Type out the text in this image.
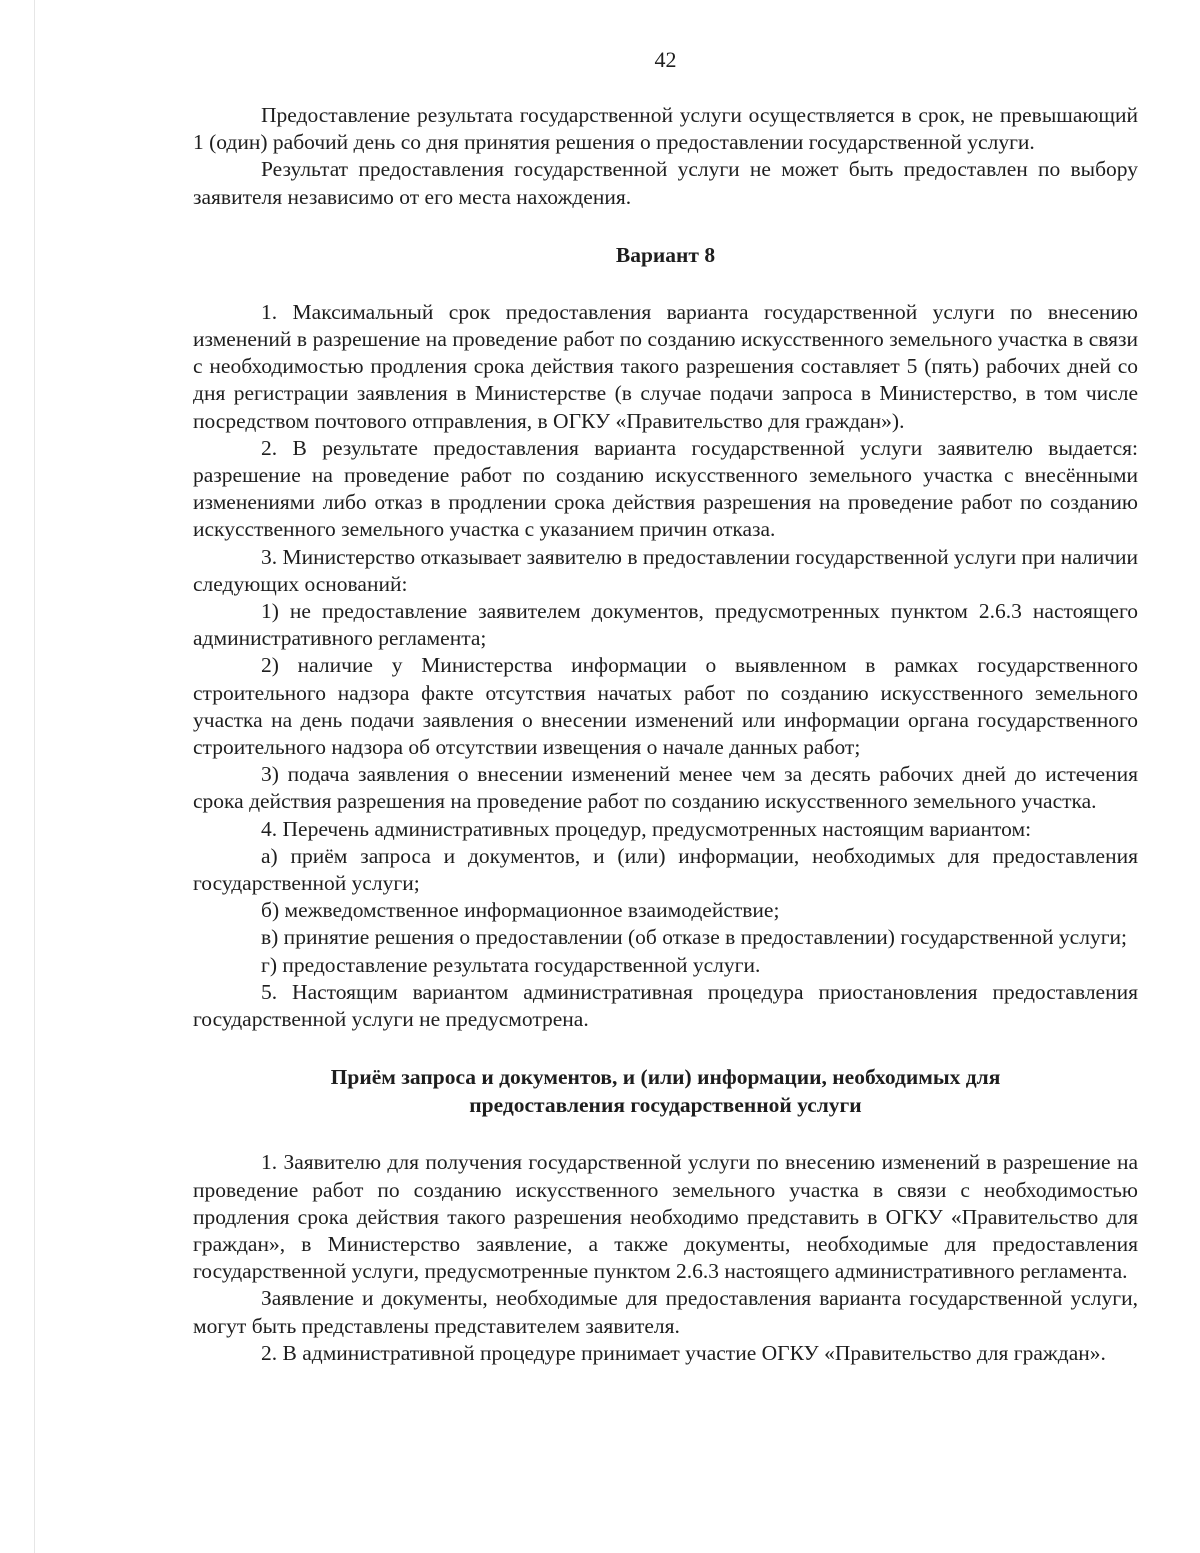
42

Предоставление результата государственной услуги осуществляется в срок, не превышающий 1 (один) рабочий день со дня принятия решения о предоставлении государственной услуги.

Результат предоставления государственной услуги не может быть предоставлен по выбору заявителя независимо от его места нахождения.

Вариант 8

1. Максимальный срок предоставления варианта государственной услуги по внесению изменений в разрешение на проведение работ по созданию искусственного земельного участка в связи с необходимостью продления срока действия такого разрешения составляет 5 (пять) рабочих дней со дня регистрации заявления в Министерстве (в случае подачи запроса в Министерство, в том числе посредством почтового отправления, в ОГКУ «Правительство для граждан»).

2. В результате предоставления варианта государственной услуги заявителю выдается: разрешение на проведение работ по созданию искусственного земельного участка с внесёнными изменениями либо отказ в продлении срока действия разрешения на проведение работ по созданию искусственного земельного участка с указанием причин отказа.

3. Министерство отказывает заявителю в предоставлении государственной услуги при наличии следующих оснований:

1) не предоставление заявителем документов, предусмотренных пунктом 2.6.3 настоящего административного регламента;

2) наличие у Министерства информации о выявленном в рамках государственного строительного надзора факте отсутствия начатых работ по созданию искусственного земельного участка на день подачи заявления о внесении изменений или информации органа государственного строительного надзора об отсутствии извещения о начале данных работ;

3) подача заявления о внесении изменений менее чем за десять рабочих дней до истечения срока действия разрешения на проведение работ по созданию искусственного земельного участка.

4. Перечень административных процедур, предусмотренных настоящим вариантом:

а) приём запроса и документов, и (или) информации, необходимых для предоставления государственной услуги;

б) межведомственное информационное взаимодействие;

в) принятие решения о предоставлении (об отказе в предоставлении) государственной услуги;

г) предоставление результата государственной услуги.

5. Настоящим вариантом административная процедура приостановления предоставления государственной услуги не предусмотрена.

Приём запроса и документов, и (или) информации, необходимых для
предоставления государственной услуги

1. Заявителю для получения государственной услуги по внесению изменений в разрешение на проведение работ по созданию искусственного земельного участка в связи с необходимостью продления срока действия такого разрешения необходимо представить в ОГКУ «Правительство для граждан», в Министерство заявление, а также документы, необходимые для предоставления государственной услуги, предусмотренные пунктом 2.6.3 настоящего административного регламента.

Заявление и документы, необходимые для предоставления варианта государственной услуги, могут быть представлены представителем заявителя.

2. В административной процедуре принимает участие ОГКУ «Правительство для граждан».
